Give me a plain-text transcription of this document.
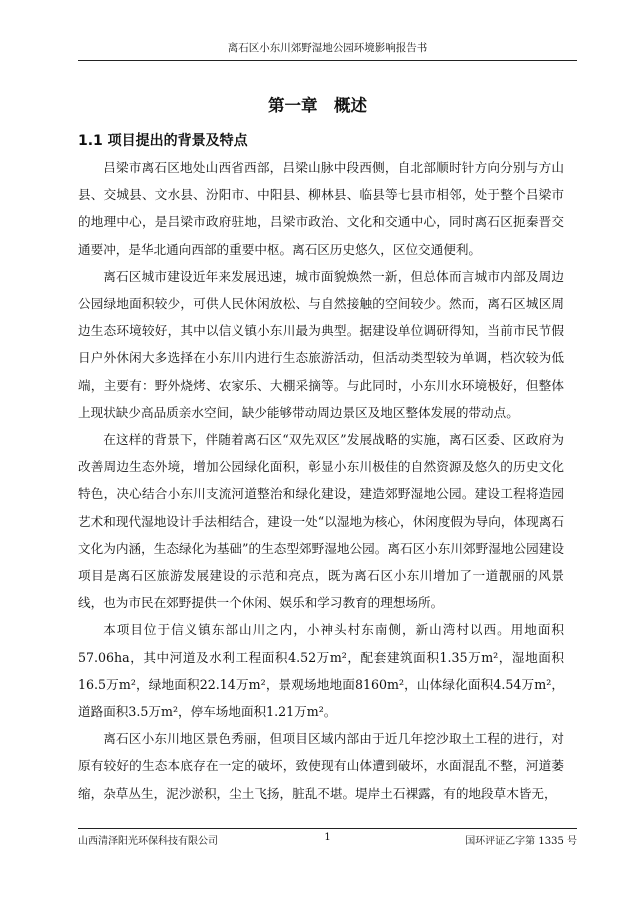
离石区小东川郊野湿地公园环境影响报告书
第一章　概述
1.1 项目提出的背景及特点

吕梁市离石区地处山西省西部，吕梁山脉中段西侧，自北部顺时针方向分别与方山县、交城县、文水县、汾阳市、中阳县、柳林县、临县等七县市相邻，处于整个吕梁市的地理中心，是吕梁市政府驻地，吕梁市政治、文化和交通中心，同时离石区扼秦晋交通要冲，是华北通向西部的重要中枢。离石区历史悠久，区位交通便利。

离石区城市建设近年来发展迅速，城市面貌焕然一新，但总体而言城市内部及周边公园绿地面积较少，可供人民休闲放松、与自然接触的空间较少。然而，离石区城区周边生态环境较好，其中以信义镇小东川最为典型。据建设单位调研得知，当前市民节假日户外休闲大多选择在小东川内进行生态旅游活动，但活动类型较为单调，档次较为低端，主要有：野外烧烤、农家乐、大棚采摘等。与此同时，小东川水环境极好，但整体上现状缺少高品质亲水空间，缺少能够带动周边景区及地区整体发展的带动点。

在这样的背景下，伴随着离石区“双先双区”发展战略的实施，离石区委、区政府为改善周边生态外境，增加公园绿化面积，彰显小东川极佳的自然资源及悠久的历史文化特色，决心结合小东川支流河道整治和绿化建设，建造郊野湿地公园。建设工程将造园艺术和现代湿地设计手法相结合，建设一处“以湿地为核心，休闲度假为导向，体现离石文化为内涵，生态绿化为基础”的生态型郊野湿地公园。离石区小东川郊野湿地公园建设项目是离石区旅游发展建设的示范和亮点，既为离石区小东川增加了一道靓丽的风景线，也为市民在郊野提供一个休闲、娱乐和学习教育的理想场所。

本项目位于信义镇东部山川之内，小神头村东南侧，新山湾村以西。用地面积57.06ha，其中河道及水利工程面积4.52万m²，配套建筑面积1.35万m²，湿地面积16.5万m²，绿地面积22.14万m²，景观场地地面8160m²，山体绿化面积4.54万m²，道路面积3.5万m²，停车场地面积1.21万m²。

离石区小东川地区景色秀丽，但项目区域内部由于近几年挖沙取土工程的进行，对原有较好的生态本底存在一定的破坏，致使现有山体遭到破坏，水面混乱不整，河道萎缩，杂草丛生，泥沙淤积，尘土飞扬，脏乱不堪。堤岸土石裸露，有的地段草木皆无，

山西清泽阳光环保科技有限公司	1	国环评证乙字第 1335 号
